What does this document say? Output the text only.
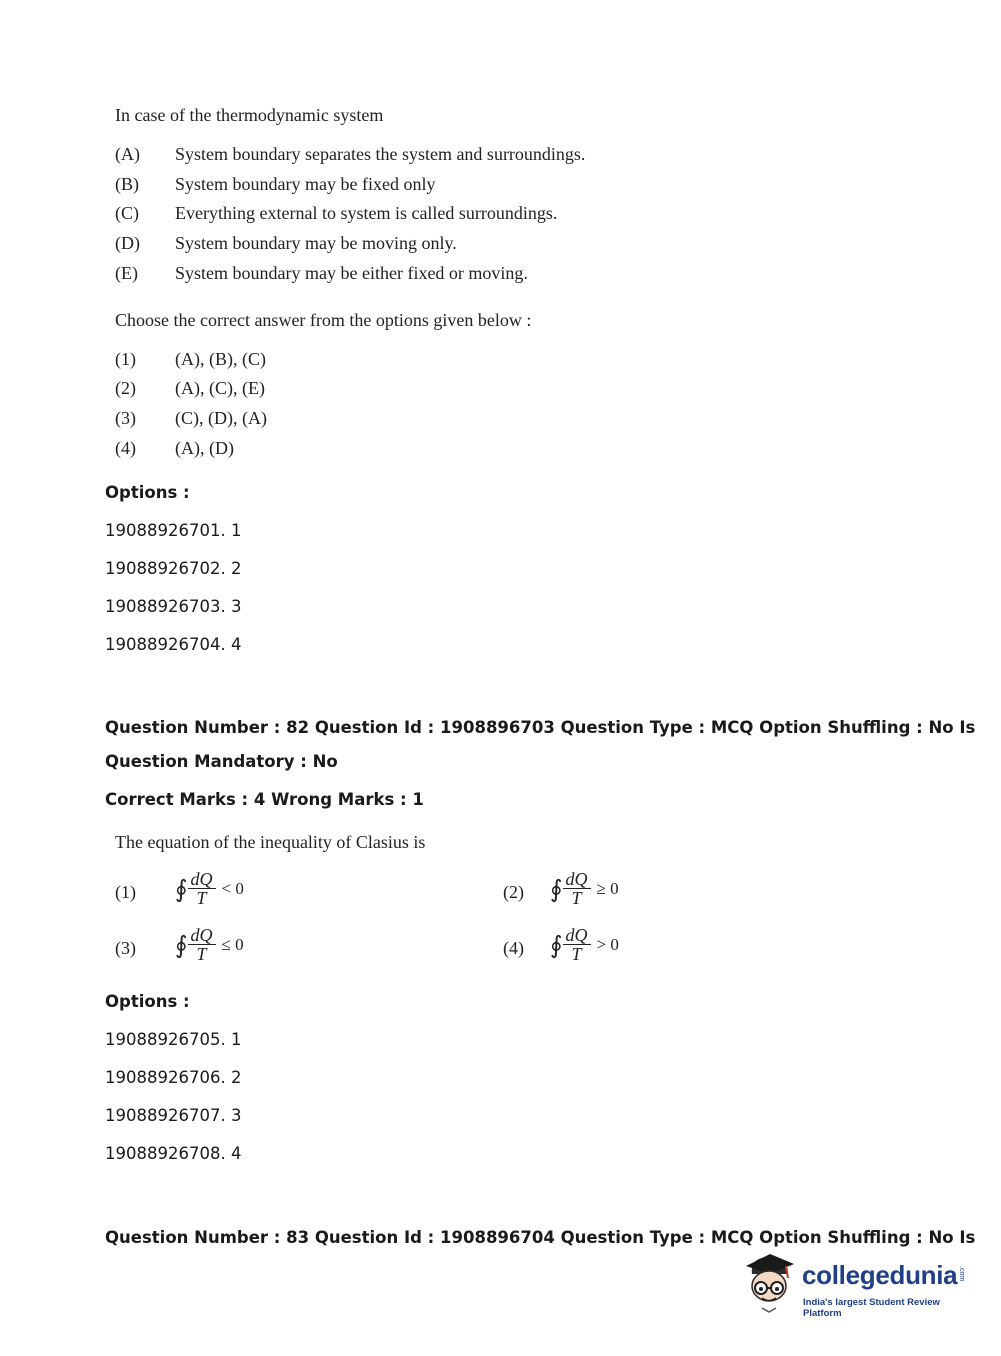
In case of the thermodynamic system
(A) System boundary separates the system and surroundings.
(B) System boundary may be fixed only
(C) Everything external to system is called surroundings.
(D) System boundary may be moving only.
(E) System boundary may be either fixed or moving.
Choose the correct answer from the options given below :
(1) (A), (B), (C)
(2) (A), (C), (E)
(3) (C), (D), (A)
(4) (A), (D)
Options :
19088926701. 1
19088926702. 2
19088926703. 3
19088926704. 4
Question Number : 82 Question Id : 1908896703 Question Type : MCQ Option Shuffling : No Is
Question Mandatory : No
Correct Marks : 4 Wrong Marks : 1
The equation of the inequality of Clasius is
(1) ∮ $\frac{dQ}{T} < 0$	(2) ∮ $\frac{dQ}{T} \ge 0$
(3) ∮ $\frac{dQ}{T} \le 0$	(4) ∮ $\frac{dQ}{T} > 0$
Options :
19088926705. 1
19088926706. 2
19088926707. 3
19088926708. 4
Question Number : 83 Question Id : 1908896704 Question Type : MCQ Option Shuffling : No Is
collegedunia .com
India's largest Student Review Platform
